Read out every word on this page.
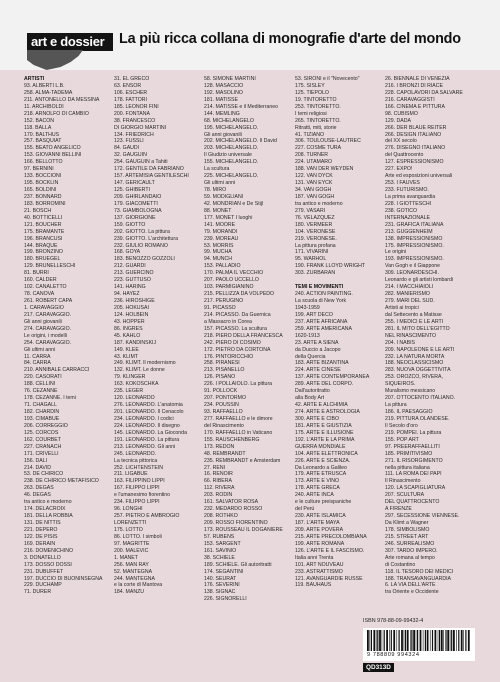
art e dossier	La più ricca collana di monografie d'arte del mondo
ARTISTI
93. ALBERTI L.B.
258. ALMA-TADEMA
211. ANTONELLO DA MESSINA
11. ARCHIBOLDI
218. ARNOLFO DI CAMBIO
152. BACON
118. BALLA
170. BALTHUS
257. BASQUIAT
155. BEATO ANGELICO
153. GIOVANNI BELLINI
166. BELLOTTO
97. BERNINI
133. BOCCIONI
195. BOCKLIN
165. BOLDINI
237. BONNARD
183. BORROMINI
21. BOSCH
40. BOTTICELLI
121. BOUCHER
175. BRAMANTE
196. BRANCUSI
144. BRAQUE
199. BRONZINO
180. BRUEGEL
129. BRUNELLESCHI
81. BURRI
160. CALDER
102. CANALETTO
78. CANOVA
261. ROBERT CAPA
1. CARAVAGGIO
217. CARAVAGGIO.
Gli anni giovanili
274. CARAVAGGIO.
Le origini, i modelli
254. CARAVAGGIO.
Gli ultimi anni
11. CARRÀ
84. CARRÀ
210. ANNIBALE CARRACCI
220. CASORATI
188. CELLINI
76. CÉZANNE
178. CÉZANNE. I temi
71. CHAGALL
182. CHARDIN
193. CIMABUE
206. CORREGGIO
125. CORCOS
162. COURBET
227. CRANACH
171. CRIVELLI
156. DALÍ
214. DAVID
53. DE CHIRICO
238. DE CHIRICO METAFISICO
263. DEGAS
46. DEGAS
tra antico e moderno
174. DELACROIX
181. DELLA ROBBIA
131. DE NITTIS
221. DEPERO
122. DE PISIS
169. DERAIN
216. DOMENICHINO
3. DONATELLO
173. DOSSO DOSSI
231. DUBUFFET
197. DUCCIO DI BUONINSEGNA
229. DUCHAMP
71. DÜRER
31. EL GRECO
63. ENSOR
106. ESCHER
178. FATTORI
185. LÉONOR FINI
200. FONTANA
38. FRANCESCO
DI GIORGIO MARTINI
134. FRIEDRICH
123. FÜSSLI
84. GAUDÍ
32. GAUGUIN
254. GAUGUIN a Tahiti
172. GENTILE DA FABRIANO
157. ARTEMISIA GENTILESCHI
147. GERICAULT
125. GHIBERTI
209. GHIRLANDAIO
179. GIACOMETTI
73. GIAMBOLOGNA
137. GIORGIONE
159. GIOTTO
202. GIOTTO. La pittura
239. GIOTTO. L'architettura
232. GIULIO ROMANO
168. GOYA
183. BENOZZO GOZZOLI
212. GUARDI
213. GUERCINO
223. GUTTUSO
141. HARING
94. HAYEZ
236. HIROSHIGE
205. HOKUSAI
124. HOLBEIN
43. HOPPER
86. INGRES
45. KAHLO
187. KANDINSKIJ
149. KLEE
43. KLIMT
249. KLIMT. Il modernismo
132. KLIMT. Le donne
79. KLINGER
163. KOKOSCHKA
235. LEGER
120. LEONARDO
276. LEONARDO. L'anatomia
201. LEONARDO. Il Cenacolo
234. LEONARDO. I codici
224. LEONARDO. Il disegno
145. LEONARDO. La Gioconda
191. LEONARDO. La pittura
213. LEONARDO. Gli anni
245. LEONARDO.
La tecnica pittorica
252. LICHTENSTEIN
211. LIGABUE
163. FILIPPINO LIPPI
167. FILIPPO LIPPI
e l'umanesimo fiorentino
234. FILIPPO LIPPI
96. LONGHI
257. PIETRO E AMBROGIO
LORENZETTI
175. LOTTO
86. LOTTO. I simboli
97. MAGRITTE
200. MALEVIČ
1. MANET
256. MAN RAY
52. MANTEGNA
244. MANTEGNA
e la corte di Mantova
184. MANZÙ
58. SIMONE MARTINI
128. MASACCIO
192. MASOLINO
181. MATISSE
214. MATISSE e il Mediterraneo
144. MEMLING
68. MICHELANGELO
195. MICHELANGELO.
Gli anni giovanili
202. MICHELANGELO. Il David
203. MICHELANGELO.
Il Giudizio universale
155. MICHELANGELO.
La scultura
225. MICHELANGELO.
Gli ultimi anni
78. MIRÓ
59. MODIGLIANI
42. MONDRIAN e De Stijl
88. MONET
177. MONET I luoghi
141. MOORE
79. MORANDI
239. MOREAU
53. MORRIS
99. MUCHA
94. MUNCH
153. PALLADIO
170. PALMA IL VECCHIO
207. PAOLO UCCELLO
103. PARMIGIANINO
215. PELLIZZA DA VOLPEDO
217. PERUGINO
91. PICASSO
214. PICASSO. Da Guernica
a Massacro in Corea
157. PICASSO. La scultura
218. PIERO DELLA FRANCESCA
242. PIERO DI COSIMO
172. PIETRO DA CORTONA
176. PINTORICCHIO
258. PIRANESI
213. PISANELLO
126. PISANO
226. I POLLAIOLO. La pittura
91. POLLOCK
207. PONTORMO
234. POUSSIN
93. RAFFAELLO
277. RAFFAELLO e le dimore
del Rinascimento
170. RAFFAELLO in Vaticano
155. RAUSCHENBERG
173. REDON
48. REMBRANDT
235. REMBRANDT e Amsterdam
27. RENI
16. RENOIR
66. RIBERA
112. RIVERA
203. RODIN
161. SALVATOR ROSA
232. MEDARDO ROSSO
208. ROTHKO
209. ROSSO FIORENTINO
173. ROUSSEAU IL DOGANIERE
57. RUBENS
153. SARGENT
161. SAVINIO
38. SCHIELE
189. SCHIELE. Gli autoritratti
174. SEGANTINI
140. SEURAT
176. SEVERINI
138. SIGNAC
226. SIGNORELLI
53. SIRONI e il "Novecento"
175. SISLEY
125. TIEPOLO
19. TINTORETTO
253. TINTORETTO.
I temi religiosi
265. TINTORETTO.
Ritratti, miti, storie
41. TIZIANO
306. TOULOUSE-LAUTREC
227. COSME TURA
208. TURNER
224. UTAMARO
188. VAN DER WEYDEN
122. VAN DYCK
131. VAN EYCK
34. VAN GOGH
187. VAN GOGH
tra antico e moderno
279. VASARI
76. VELÁZQUEZ
180. VERMEER
104. VERONESE
219. VERONESE.
La pittura profana
171. VIVARINI
95. WARHOL
190. FRANK LLOYD WRIGHT
303. ZURBARÁN
TEMI E MOVIMENTI
240. ACTION PAINTING.
La scuola di New York
1943-1959
199. ART DÉCO
237. ARTE AFRICANA
259. ARTE AMERICANA
1620-1913
23. ARTE A SIENA
da Duccio a Jacopo
della Quercia
183. ARTE BIZANTINA
224. ARTE CINESE
137. ARTE CONTEMPORANEA
289. ARTE DEL CORPO.
Dall'autoritratto
alla Body Art
42. ARTE E ALCHIMIA
274. ARTE E ASTROLOGIA
300. ARTE E CIBO
181. ARTE E GIUSTIZIA
175. ARTE E ILLUSIONE
192. L'ARTE E LA PRIMA
GUERRA MONDIALE
104. ARTE ELETTRONICA
226. ARTE E SCIENZA.
Da Leonardo a Galileo
179. ARTE ETRUSCA
173. ARTE E VINO
178. ARTE GRECA
240. ARTE INCA
e le culture preispaniche
del Perú
230. ARTE ISLAMICA
187. L'ARTE MAYA
209. ARTE POVERA
215. ARTE PRECOLOMBIANA
199. ARTE ROMANA
126. L'ARTE E IL FASCISMO.
Italia anni Trenta
101. ART NOUVEAU
233. ASTRATTISMO
121. AVANGUARDIE RUSSE
119. BAUHAUS
26. BIENNALE DI VENEZIA
216. I BRONZI DI RIACE
228. CAPOLAVORI DA SALVARE
216. CARAVAGGISTI
166. CINEMA E PITTURA
98. CUBISMO
129. DADA
266. DER BLAUE REITER
266. DESIGN ITALIANO
del XX secolo
276. DISEGNO ITALIANO
del Quattrocento
127. ESPRESSIONISMO
227. EXPO!
Arte ed esposizioni universali
253. I FAUVES
233. FUTURISMO.
La prima avanguardia
228. I GIOTTESCHI
238. GOTICO
INTERNAZIONALE
231. GRAFICA ITALIANA
213. GUGGENHEIM
138. IMPRESSIONISMO
175. IMPRESSIONISMO.
Le origini
193. IMPRESSIONISMO.
Van Gogh e il Giappone
309. LEONARDESCHI.
Leonardo e gli artisti lombardi
214. I MACCHIAIOLI
282. MANIERISMO
279. MARI DEL SUD.
Artisti ai tropici
dal Settecento a Matisse
255. I MEDICI E LE ARTI
281. IL MITO DELL'EGITTO
NEL RINASCIMENTO
204. I NABIS
209. NAPOLEONE E LE ARTI
232. LA NATURA MORTA
188. NEOCLASSICISMO
283. NUOVA OGGETTIVITÀ
253. OROZCO, RIVERA,
SIQUEIROS.
Muralismo messicano
207. OTTOCENTO ITALIANO.
La pittura
186. IL PAESAGGIO
219. PITTURA OLANDESE.
Il Secolo d'oro
219. POMPEI. La pittura
155. POP ART
97. PREERAFFAELLITI
185. PRIMITIVISMO
271. IL RISORGIMENTO
nella pittura italiana
111. LA ROMA DEI PAPI
Il Rinascimento
120. LA SCAPIGLIATURA
207. SCULTURA
DEL QUATTROCENTO
A FIRENZE
297. SECESSIONE VIENNESE.
Da Klimt a Wagner
178. SIMBOLISMO
215. STREET ART
246. SURREALISMO
307. TARDO IMPERO.
Arte romana al tempo
di Costantino
118. IL TESORO DEI MEDICI
188. TRANSAVANGUARDIA
6. LA VIA DELL'ARTE
tra Oriente e Occidente
ISBN 978-88-09-99432-4
9 788809 994324
QD313D
